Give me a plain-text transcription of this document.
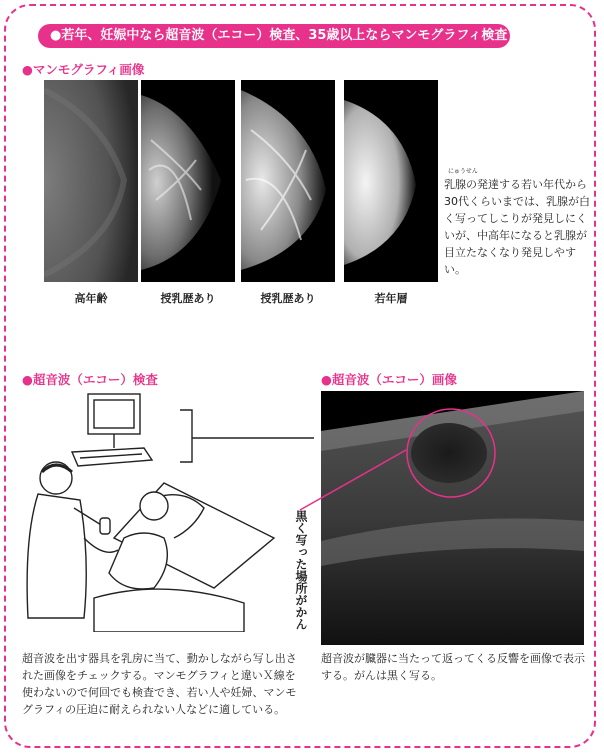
●若年、妊娠中なら超音波（エコー）検査、35歳以上ならマンモグラフィ検査
●マンモグラフィ画像
高年齢	授乳歴あり	授乳歴あり	若年層
にゅうせん
乳腺の発達する若い年代から30代くらいまでは、乳腺が白く写ってしこりが発見しにくいが、中高年になると乳腺が目立たなくなり発見しやすい。
●超音波（エコー）検査
超音波を出す器具を乳房に当て、動かしながら写し出された画像をチェックする。マンモグラフィと違いＸ線を使わないので何回でも検査でき、若い人や妊婦、マンモグラフィの圧迫に耐えられない人などに適している。
●超音波（エコー）画像
黒く写った場所がかん
超音波が臓器に当たって返ってくる反響を画像で表示する。がんは黒く写る。
